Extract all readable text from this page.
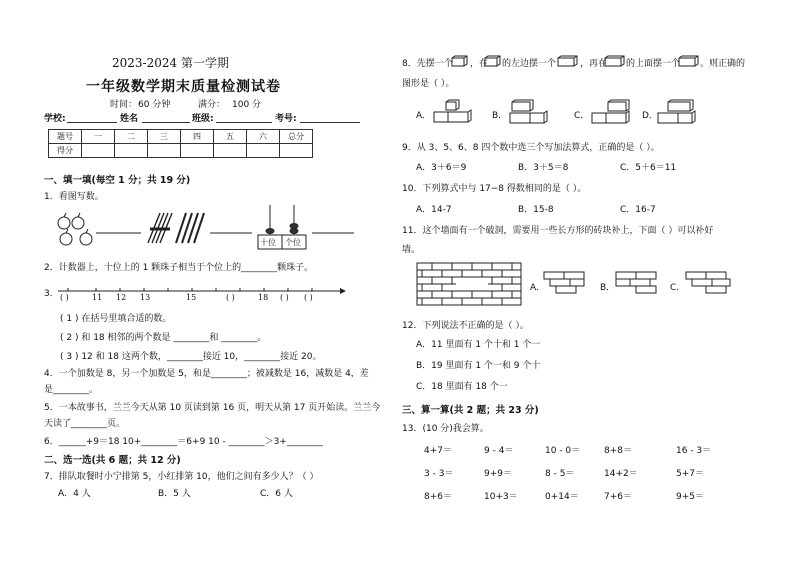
2023-2024 第一学期
一年级数学期末质量检测试卷
时间： 60 分钟	满分： 100 分
学校:	姓名	班级:	考号:
题号	一	二	三	四	五	六	总分
得分							
一、填一填(每空 1 分；共 19 分)
1．看图写数。
十位 个位
2．计数器上，十位上的 1 颗珠子相当于个位上的________颗珠子。
3． ( )	11 12 13	15	( )	18 ( ) ( )
( 1 ) 在括号里填合适的数。
( 2 ) 和 18 相邻的两个数是 ________和 ________。
( 3 ) 12 和 18 这两个数，________接近 10，________接近 20。
4．一个加数是 8，另一个加数是 5，和是________；被减数是 16，减数是 4，差
是________。
5．一本故事书，兰兰今天从第 10 页读到第 16 页，明天从第 17 页开始读。兰兰今
天读了________页。
6．______+9＝18 10+________＝6+9 10 - ________＞3+________
二、选一选(共 6 题；共 12 分)
7．排队取餐时小宁排第 5，小红排第 10，他们之间有多少人？（ ）
A．4 人	B．5 人	C．6 人
8．先摆一个 ，在 的左边摆一个	，再在 的上面摆一个 。则正确的
图形是（ ）。
A．	B．	C．	D．
9．从 3、5、6、8 四个数中选三个写加法算式，正确的是（ ）。
A．3＋6＝9	B．3＋5＝8	C．5＋6＝11
10．下列算式中与 17−8 得数相同的是（ ）。
A．14-7	B．15-8	C．16-7
11．这个墙面有一个破洞，需要用一些长方形的砖块补上，下面（ ）可以补好
墙。
A．	B．	C．
12．下列说法不正确的是（ ）。
A．11 里面有 1 个十和 1 个一
B．19 里面有 1 个一和 9 个十
C．18 里面有 18 个一
三、算一算(共 2 题；共 23 分)
13．(10 分)我会算。
4+7＝	9 - 4＝	10 - 0＝	8+8＝	16 - 3＝
3 - 3＝	9+9＝	8 - 5＝	14+2＝	5+7＝
8+6＝	10+3＝	0+14＝	7+6＝	9+5＝
